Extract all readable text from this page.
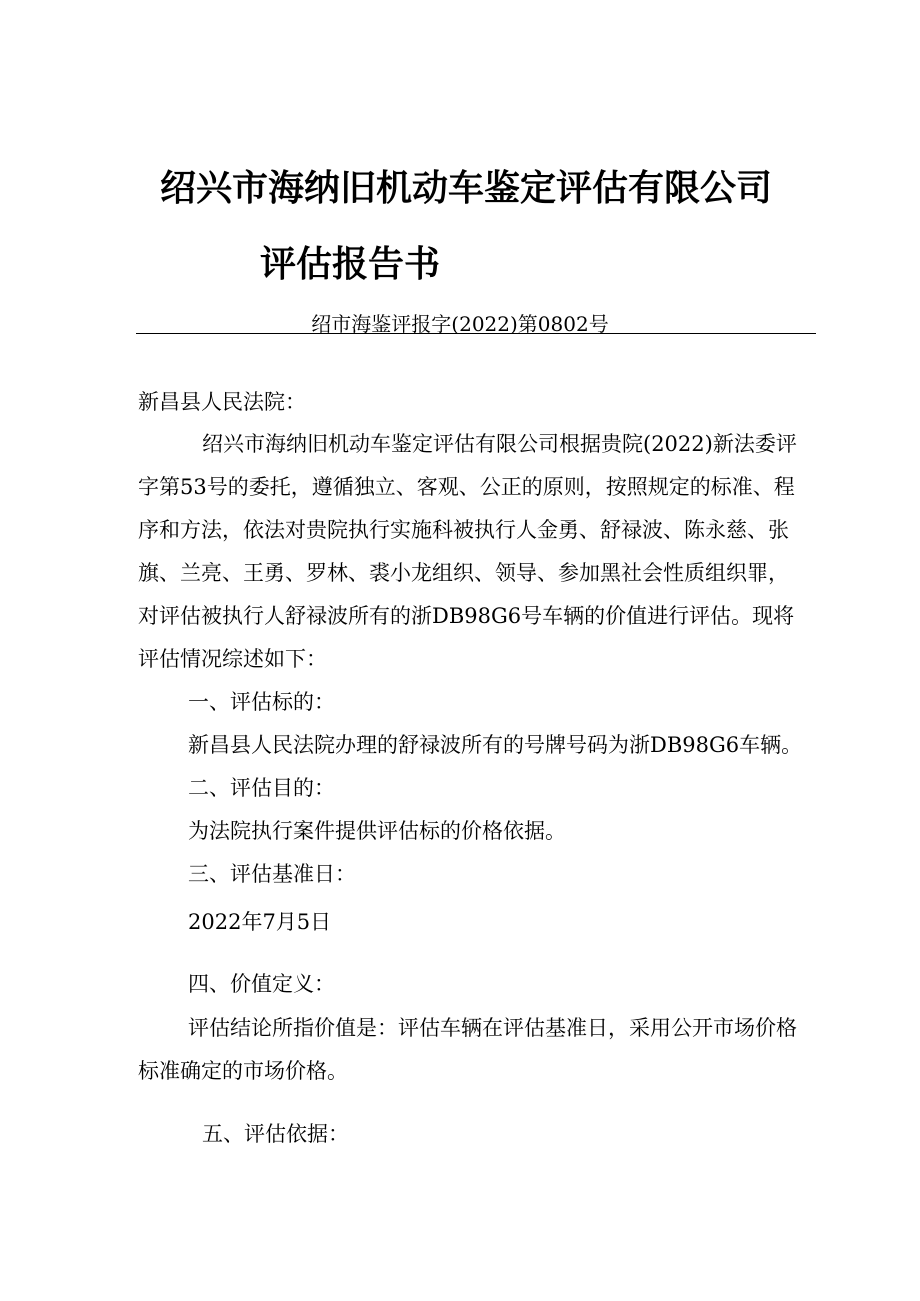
绍兴市海纳旧机动车鉴定评估有限公司
评估报告书
绍市海鉴评报字(2022)第0802号
新昌县人民法院：
绍兴市海纳旧机动车鉴定评估有限公司根据贵院(2022)新法委评
字第53号的委托，遵循独立、客观、公正的原则，按照规定的标准、程
序和方法，依法对贵院执行实施科被执行人金勇、舒禄波、陈永慈、张
旗、兰亮、王勇、罗林、裘小龙组织、领导、参加黑社会性质组织罪，
对评估被执行人舒禄波所有的浙DB98G6号车辆的价值进行评估。现将
评估情况综述如下：
一、评估标的：
新昌县人民法院办理的舒禄波所有的号牌号码为浙DB98G6车辆。
二、评估目的：
为法院执行案件提供评估标的价格依据。
三、评估基准日：
2022年7月5日
四、价值定义：
评估结论所指价值是：评估车辆在评估基准日，采用公开市场价格
标准确定的市场价格。
五、评估依据：
